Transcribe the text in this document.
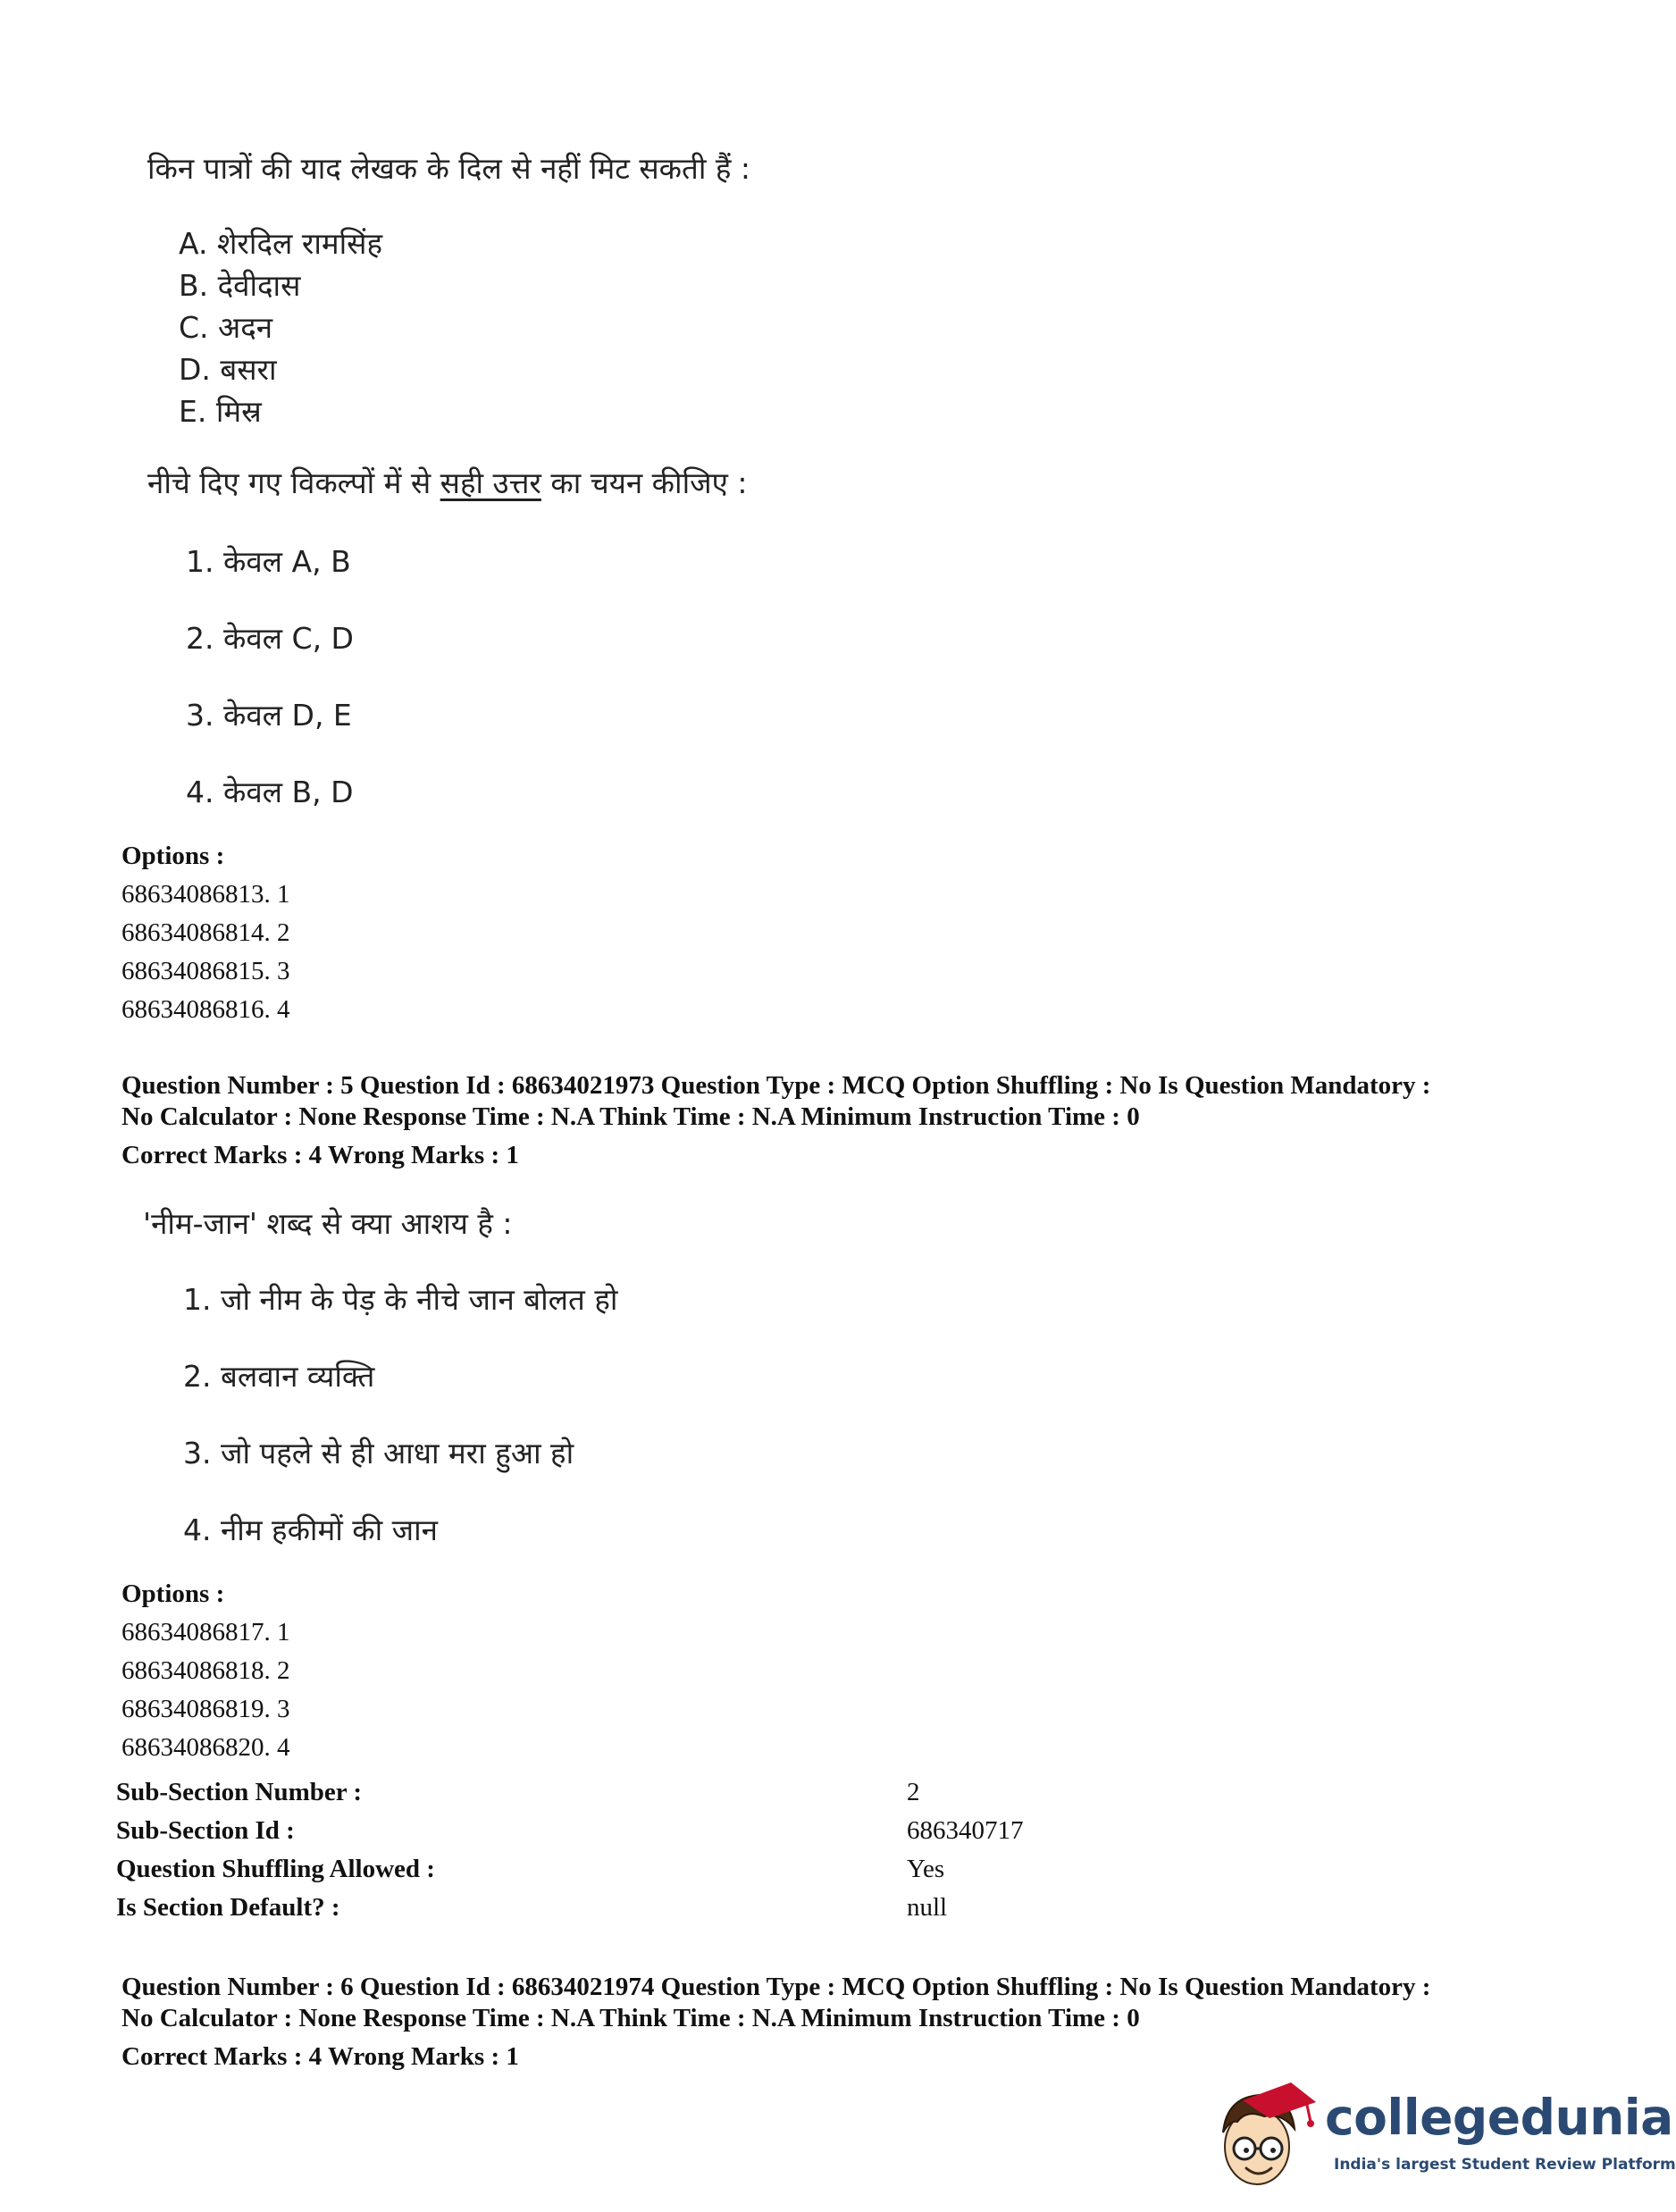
किन पात्रों की याद लेखक के दिल से नहीं मिट सकती हैं :
A. शेरदिल रामसिंह
B. देवीदास
C. अदन
D. बसरा
E. मिस्र
नीचे दिए गए विकल्पों में से सही उत्तर का चयन कीजिए :
1. केवल A, B
2. केवल C, D
3. केवल D, E
4. केवल B, D
Options :
68634086813. 1
68634086814. 2
68634086815. 3
68634086816. 4
Question Number : 5 Question Id : 68634021973 Question Type : MCQ Option Shuffling : No Is Question Mandatory :
No Calculator : None Response Time : N.A Think Time : N.A Minimum Instruction Time : 0
Correct Marks : 4 Wrong Marks : 1
'नीम-जान' शब्द से क्या आशय है :
1. जो नीम के पेड़ के नीचे जान बोलत हो
2. बलवान व्यक्ति
3. जो पहले से ही आधा मरा हुआ हो
4. नीम हकीमों की जान
Options :
68634086817. 1
68634086818. 2
68634086819. 3
68634086820. 4
Sub-Section Number :	2
Sub-Section Id :	686340717
Question Shuffling Allowed :	Yes
Is Section Default? :	null
Question Number : 6 Question Id : 68634021974 Question Type : MCQ Option Shuffling : No Is Question Mandatory :
No Calculator : None Response Time : N.A Think Time : N.A Minimum Instruction Time : 0
Correct Marks : 4 Wrong Marks : 1
collegedunia
India's largest Student Review Platform
